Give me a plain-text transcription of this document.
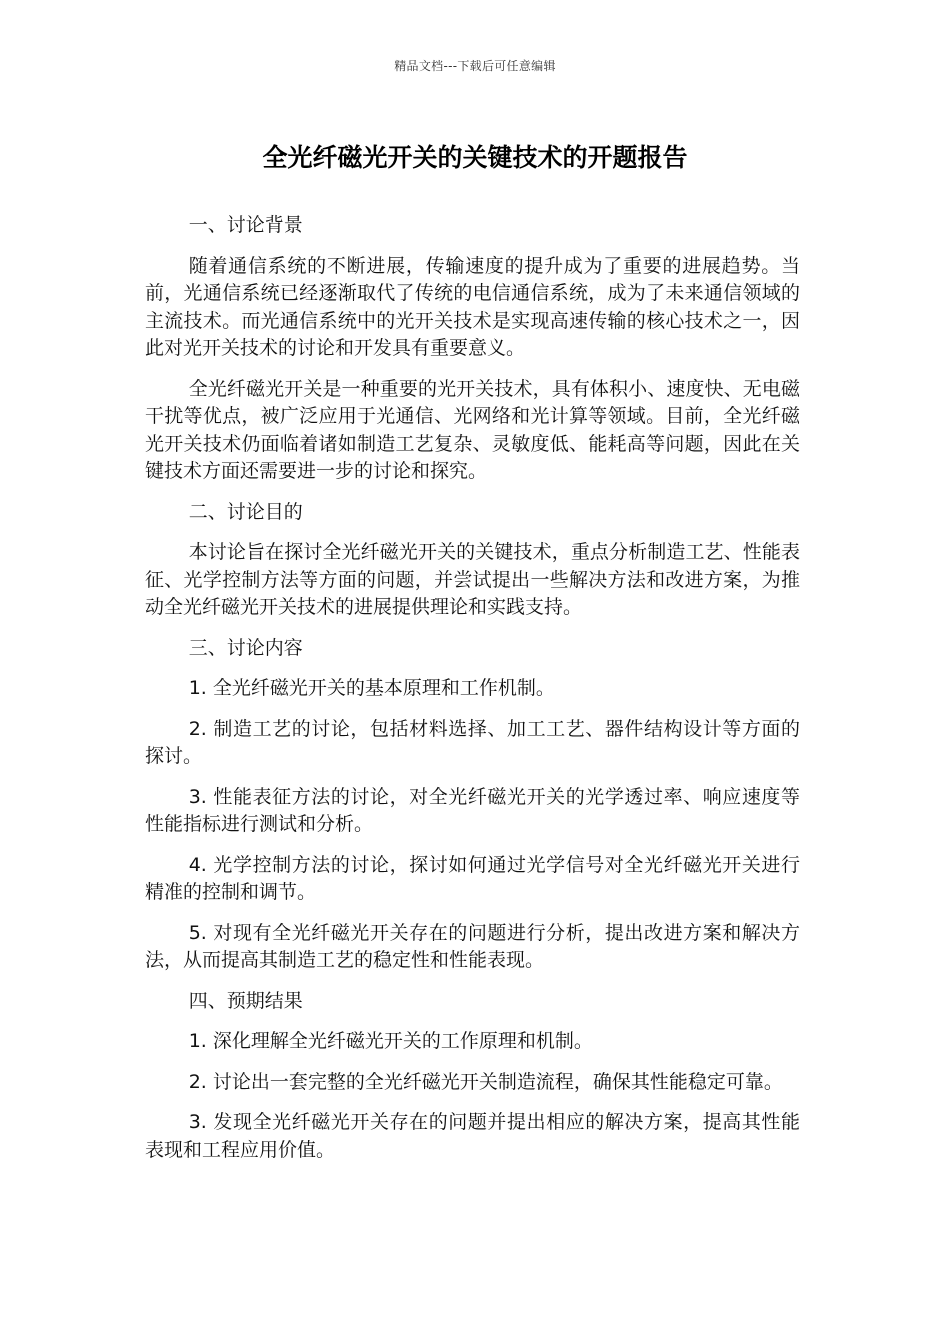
精品文档---下载后可任意编辑
全光纤磁光开关的关键技术的开题报告

一、讨论背景

随着通信系统的不断进展，传输速度的提升成为了重要的进展趋势。当前，光通信系统已经逐渐取代了传统的电信通信系统，成为了未来通信领域的主流技术。而光通信系统中的光开关技术是实现高速传输的核心技术之一，因此对光开关技术的讨论和开发具有重要意义。

全光纤磁光开关是一种重要的光开关技术，具有体积小、速度快、无电磁干扰等优点，被广泛应用于光通信、光网络和光计算等领域。目前，全光纤磁光开关技术仍面临着诸如制造工艺复杂、灵敏度低、能耗高等问题，因此在关键技术方面还需要进一步的讨论和探究。

二、讨论目的

本讨论旨在探讨全光纤磁光开关的关键技术，重点分析制造工艺、性能表征、光学控制方法等方面的问题，并尝试提出一些解决方法和改进方案，为推动全光纤磁光开关技术的进展提供理论和实践支持。

三、讨论内容

1. 全光纤磁光开关的基本原理和工作机制。

2. 制造工艺的讨论，包括材料选择、加工工艺、器件结构设计等方面的探讨。

3. 性能表征方法的讨论，对全光纤磁光开关的光学透过率、响应速度等性能指标进行测试和分析。

4. 光学控制方法的讨论，探讨如何通过光学信号对全光纤磁光开关进行精准的控制和调节。

5. 对现有全光纤磁光开关存在的问题进行分析，提出改进方案和解决方法，从而提高其制造工艺的稳定性和性能表现。

四、预期结果

1. 深化理解全光纤磁光开关的工作原理和机制。

2. 讨论出一套完整的全光纤磁光开关制造流程，确保其性能稳定可靠。

3. 发现全光纤磁光开关存在的问题并提出相应的解决方案，提高其性能表现和工程应用价值。
